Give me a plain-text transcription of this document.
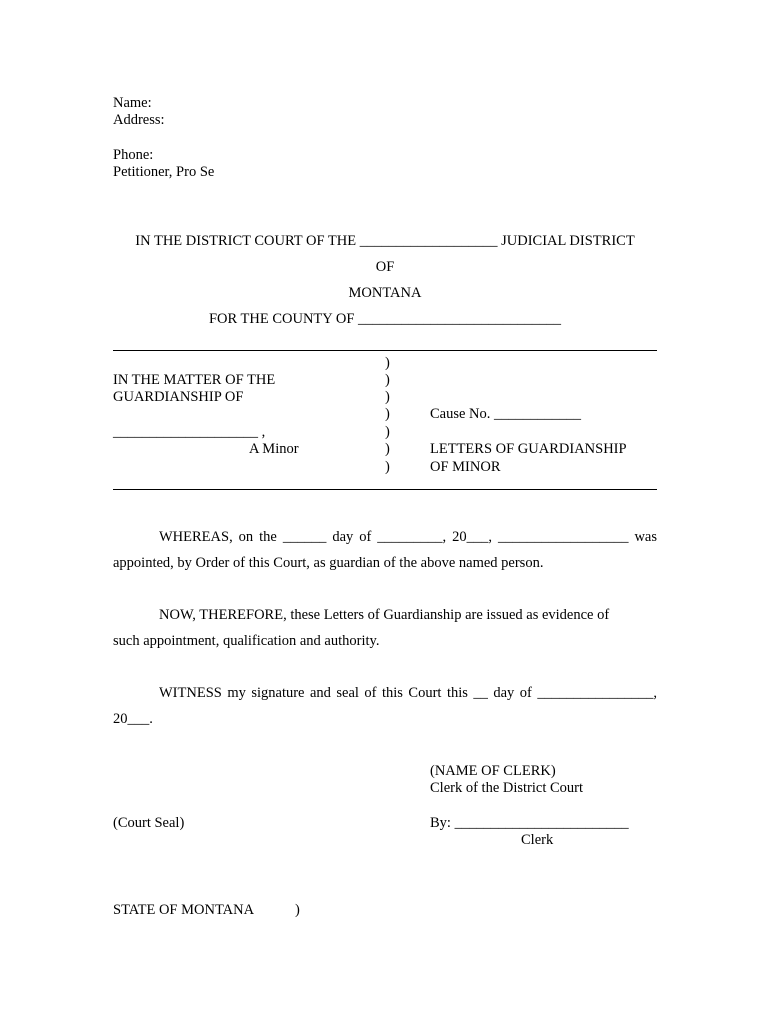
Name:
Address:
Phone:
Petitioner, Pro Se
IN THE DISTRICT COURT OF THE ___________________ JUDICIAL DISTRICT
OF
MONTANA
FOR THE COUNTY OF ____________________________
)
)
)
)
)
)
)
IN THE MATTER OF THE
GUARDIANSHIP OF
____________________ ,
A Minor
Cause No. ____________
LETTERS OF GUARDIANSHIP
OF MINOR
WHEREAS, on the ______ day of _________, 20___, __________________ was
appointed, by Order of this Court, as guardian of the above named person.
NOW, THEREFORE, these Letters of Guardianship are issued as evidence of
such appointment, qualification and authority.
WITNESS my signature and seal of this Court this __ day of ________________,
20___.
(NAME OF CLERK)
Clerk of the District Court
(Court Seal)	By: ________________________
Clerk
STATE OF MONTANA	)
